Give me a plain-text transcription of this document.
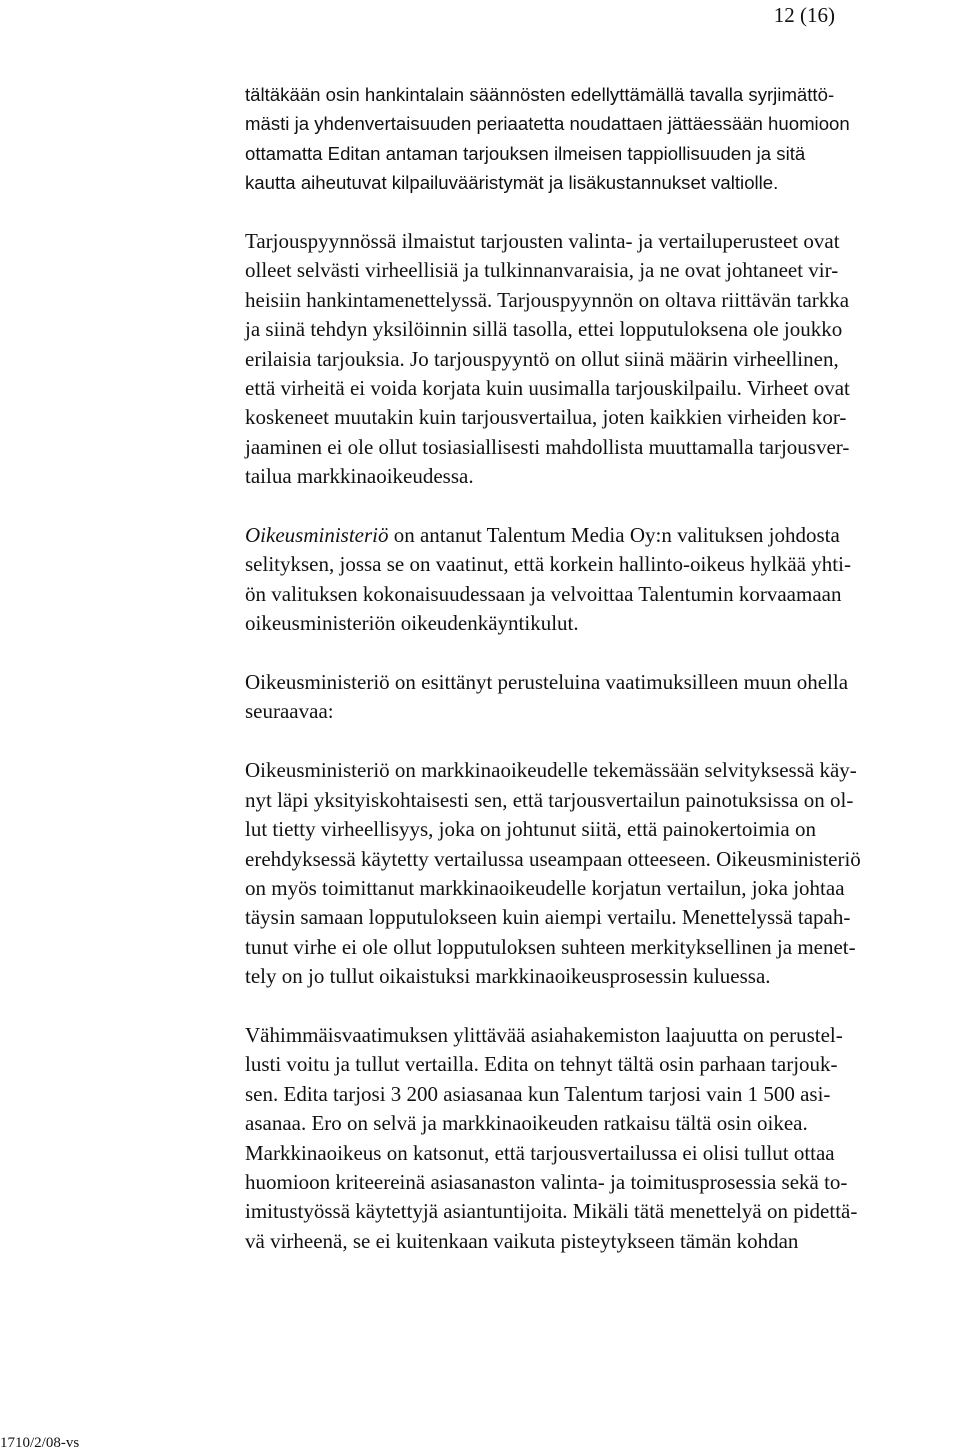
12 (16)

tältäkään osin hankintalain säännösten edellyttämällä tavalla syrjimättö-
mästi ja yhdenvertaisuuden periaatetta noudattaen jättäessään huomioon
ottamatta Editan antaman tarjouksen ilmeisen tappiollisuuden ja sitä
kautta aiheutuvat kilpailuvääristymät ja lisäkustannukset valtiolle.

Tarjouspyynnössä ilmaistut tarjousten valinta- ja vertailuperusteet ovat
olleet selvästi virheellisiä ja tulkinnanvaraisia, ja ne ovat johtaneet vir-
heisiin hankintamenettelyssä. Tarjouspyynnön on oltava riittävän tarkka
ja siinä tehdyn yksilöinnin sillä tasolla, ettei lopputuloksena ole joukko
erilaisia tarjouksia. Jo tarjouspyyntö on ollut siinä määrin virheellinen,
että virheitä ei voida korjata kuin uusimalla tarjouskilpailu. Virheet ovat
koskeneet muutakin kuin tarjousvertailua, joten kaikkien virheiden kor-
jaaminen ei ole ollut tosiasiallisesti mahdollista muuttamalla tarjousver-
tailua markkinaoikeudessa.

Oikeusministeriö on antanut Talentum Media Oy:n valituksen johdosta
selityksen, jossa se on vaatinut, että korkein hallinto-oikeus hylkää yhti-
ön valituksen kokonaisuudessaan ja velvoittaa Talentumin korvaamaan
oikeusministeriön oikeudenkäyntikulut.

Oikeusministeriö on esittänyt perusteluina vaatimuksilleen muun ohella
seuraavaa:

Oikeusministeriö on markkinaoikeudelle tekemässään selvityksessä käy-
nyt läpi yksityiskohtaisesti sen, että tarjousvertailun painotuksissa on ol-
lut tietty virheellisyys, joka on johtunut siitä, että painokertoimia on
erehdyksessä käytetty vertailussa useampaan otteeseen. Oikeusministeriö
on myös toimittanut markkinaoikeudelle korjatun vertailun, joka johtaa
täysin samaan lopputulokseen kuin aiempi vertailu. Menettelyssä tapah-
tunut virhe ei ole ollut lopputuloksen suhteen merkityksellinen ja menet-
tely on jo tullut oikaistuksi markkinaoikeusprosessin kuluessa.

Vähimmäisvaatimuksen ylittävää asiahakemiston laajuutta on perustel-
lusti voitu ja tullut vertailla. Edita on tehnyt tältä osin parhaan tarjouk-
sen. Edita tarjosi 3 200 asiasanaa kun Talentum tarjosi vain 1 500 asi-
asanaa. Ero on selvä ja markkinaoikeuden ratkaisu tältä osin oikea.
Markkinaoikeus on katsonut, että tarjousvertailussa ei olisi tullut ottaa
huomioon kriteereinä asiasanaston valinta- ja toimitusprosessia sekä to-
imitustyössä käytettyjä asiantuntijoita. Mikäli tätä menettelyä on pidettä-
vä virheenä, se ei kuitenkaan vaikuta pisteytykseen tämän kohdan

1710/2/08-vs
